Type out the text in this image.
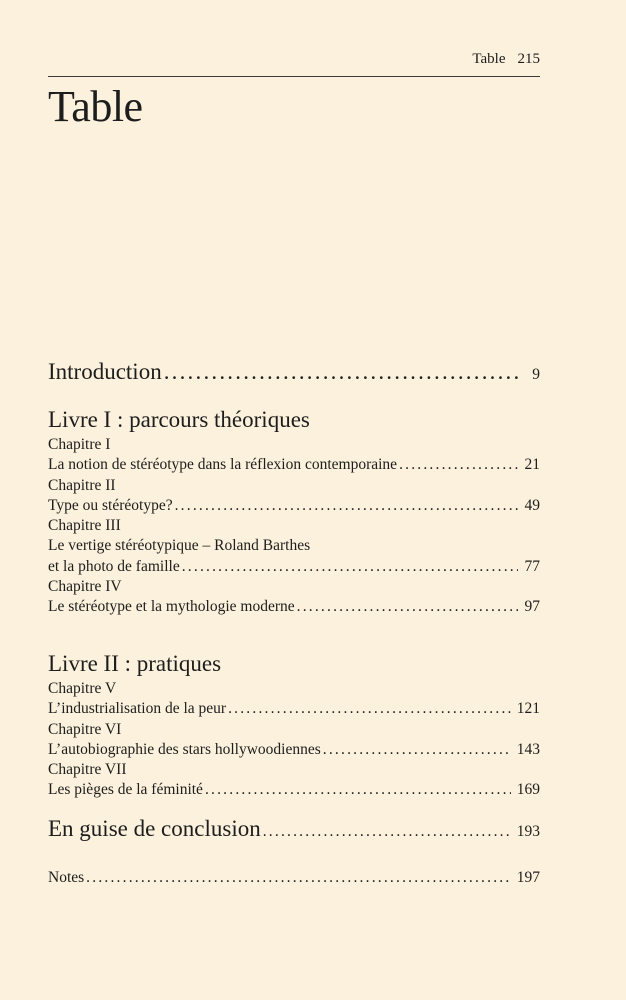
Table 215
Table
Introduction .....	9
Livre I : parcours théoriques
Chapitre I
La notion de stéréotype dans la réflexion contemporaine .....	21
Chapitre II
Type ou stéréotype? .....	49
Chapitre III
Le vertige stéréotypique – Roland Barthes
et la photo de famille .....	77
Chapitre IV
Le stéréotype et la mythologie moderne .....	97
Livre II : pratiques
Chapitre V
L’industrialisation de la peur .....	121
Chapitre VI
L’autobiographie des stars hollywoodiennes .....	143
Chapitre VII
Les pièges de la féminité .....	169
En guise de conclusion .....	193
Notes .....	197
